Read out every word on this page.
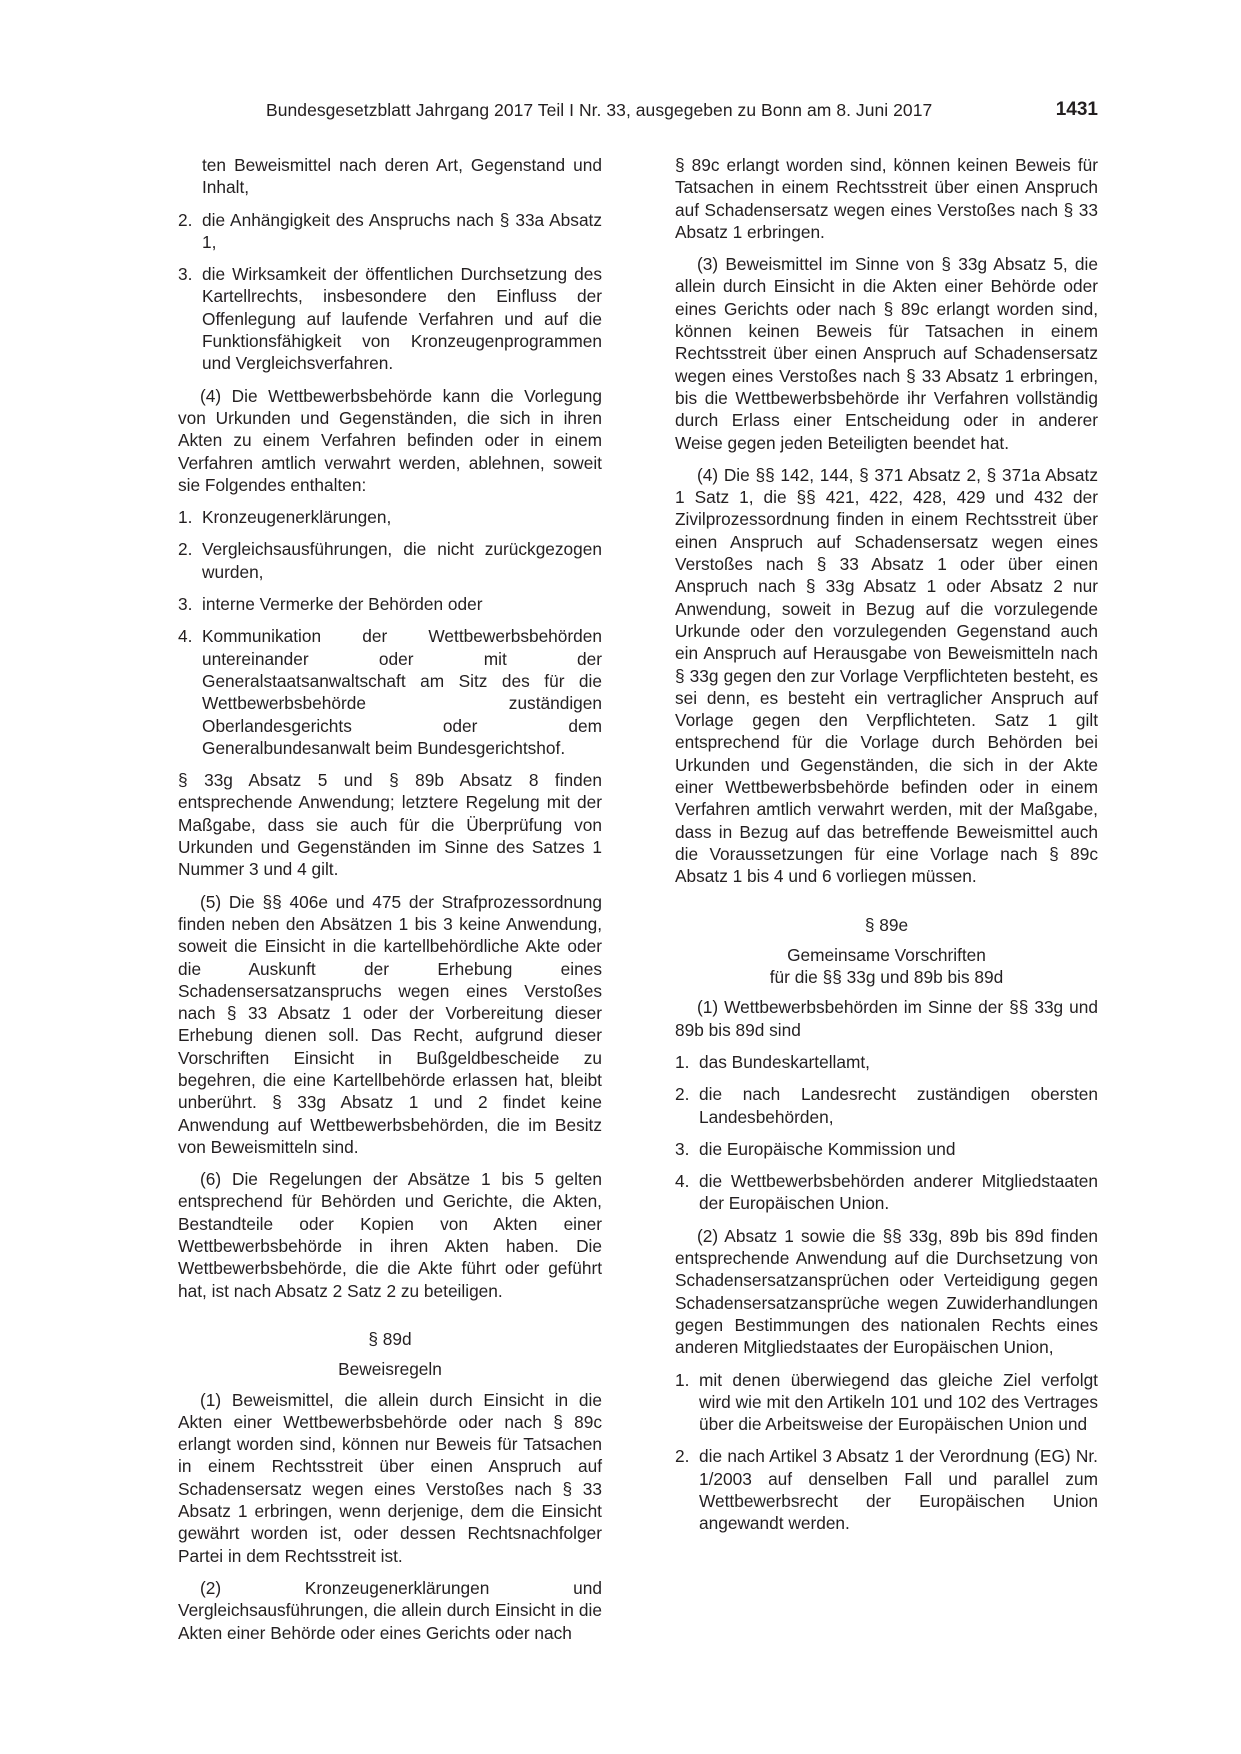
Bundesgesetzblatt Jahrgang 2017 Teil I Nr. 33, ausgegeben zu Bonn am 8. Juni 2017	1431
ten Beweismittel nach deren Art, Gegenstand und Inhalt,
2. die Anhängigkeit des Anspruchs nach § 33a Absatz 1,
3. die Wirksamkeit der öffentlichen Durchsetzung des Kartellrechts, insbesondere den Einfluss der Offenlegung auf laufende Verfahren und auf die Funktionsfähigkeit von Kronzeugenprogrammen und Vergleichsverfahren.

(4) Die Wettbewerbsbehörde kann die Vorlegung von Urkunden und Gegenständen, die sich in ihren Akten zu einem Verfahren befinden oder in einem Verfahren amtlich verwahrt werden, ablehnen, soweit sie Folgendes enthalten:

1. Kronzeugenerklärungen,
2. Vergleichsausführungen, die nicht zurückgezogen wurden,
3. interne Vermerke der Behörden oder
4. Kommunikation der Wettbewerbsbehörden untereinander oder mit der Generalstaatsanwaltschaft am Sitz des für die Wettbewerbsbehörde zuständigen Oberlandesgerichts oder dem Generalbundesanwalt beim Bundesgerichtshof.

§ 33g Absatz 5 und § 89b Absatz 8 finden entsprechende Anwendung; letztere Regelung mit der Maßgabe, dass sie auch für die Überprüfung von Urkunden und Gegenständen im Sinne des Satzes 1 Nummer 3 und 4 gilt.

(5) Die §§ 406e und 475 der Strafprozessordnung finden neben den Absätzen 1 bis 3 keine Anwendung, soweit die Einsicht in die kartellbehördliche Akte oder die Auskunft der Erhebung eines Schadensersatzanspruchs wegen eines Verstoßes nach § 33 Absatz 1 oder der Vorbereitung dieser Erhebung dienen soll. Das Recht, aufgrund dieser Vorschriften Einsicht in Bußgeldbescheide zu begehren, die eine Kartellbehörde erlassen hat, bleibt unberührt. § 33g Absatz 1 und 2 findet keine Anwendung auf Wettbewerbsbehörden, die im Besitz von Beweismitteln sind.

(6) Die Regelungen der Absätze 1 bis 5 gelten entsprechend für Behörden und Gerichte, die Akten, Bestandteile oder Kopien von Akten einer Wettbewerbsbehörde in ihren Akten haben. Die Wettbewerbsbehörde, die die Akte führt oder geführt hat, ist nach Absatz 2 Satz 2 zu beteiligen.

§ 89d
Beweisregeln

(1) Beweismittel, die allein durch Einsicht in die Akten einer Wettbewerbsbehörde oder nach § 89c erlangt worden sind, können nur Beweis für Tatsachen in einem Rechtsstreit über einen Anspruch auf Schadensersatz wegen eines Verstoßes nach § 33 Absatz 1 erbringen, wenn derjenige, dem die Einsicht gewährt worden ist, oder dessen Rechtsnachfolger Partei in dem Rechtsstreit ist.

(2) Kronzeugenerklärungen und Vergleichsausführungen, die allein durch Einsicht in die Akten einer Behörde oder eines Gerichts oder nach

§ 89c erlangt worden sind, können keinen Beweis für Tatsachen in einem Rechtsstreit über einen Anspruch auf Schadensersatz wegen eines Verstoßes nach § 33 Absatz 1 erbringen.

(3) Beweismittel im Sinne von § 33g Absatz 5, die allein durch Einsicht in die Akten einer Behörde oder eines Gerichts oder nach § 89c erlangt worden sind, können keinen Beweis für Tatsachen in einem Rechtsstreit über einen Anspruch auf Schadensersatz wegen eines Verstoßes nach § 33 Absatz 1 erbringen, bis die Wettbewerbsbehörde ihr Verfahren vollständig durch Erlass einer Entscheidung oder in anderer Weise gegen jeden Beteiligten beendet hat.

(4) Die §§ 142, 144, § 371 Absatz 2, § 371a Absatz 1 Satz 1, die §§ 421, 422, 428, 429 und 432 der Zivilprozessordnung finden in einem Rechtsstreit über einen Anspruch auf Schadensersatz wegen eines Verstoßes nach § 33 Absatz 1 oder über einen Anspruch nach § 33g Absatz 1 oder Absatz 2 nur Anwendung, soweit in Bezug auf die vorzulegende Urkunde oder den vorzulegenden Gegenstand auch ein Anspruch auf Herausgabe von Beweismitteln nach § 33g gegen den zur Vorlage Verpflichteten besteht, es sei denn, es besteht ein vertraglicher Anspruch auf Vorlage gegen den Verpflichteten. Satz 1 gilt entsprechend für die Vorlage durch Behörden bei Urkunden und Gegenständen, die sich in der Akte einer Wettbewerbsbehörde befinden oder in einem Verfahren amtlich verwahrt werden, mit der Maßgabe, dass in Bezug auf das betreffende Beweismittel auch die Voraussetzungen für eine Vorlage nach § 89c Absatz 1 bis 4 und 6 vorliegen müssen.

§ 89e
Gemeinsame Vorschriften
für die §§ 33g und 89b bis 89d

(1) Wettbewerbsbehörden im Sinne der §§ 33g und 89b bis 89d sind

1. das Bundeskartellamt,
2. die nach Landesrecht zuständigen obersten Landesbehörden,
3. die Europäische Kommission und
4. die Wettbewerbsbehörden anderer Mitgliedstaaten der Europäischen Union.

(2) Absatz 1 sowie die §§ 33g, 89b bis 89d finden entsprechende Anwendung auf die Durchsetzung von Schadensersatzansprüchen oder Verteidigung gegen Schadensersatzansprüche wegen Zuwiderhandlungen gegen Bestimmungen des nationalen Rechts eines anderen Mitgliedstaates der Europäischen Union,

1. mit denen überwiegend das gleiche Ziel verfolgt wird wie mit den Artikeln 101 und 102 des Vertrages über die Arbeitsweise der Europäischen Union und
2. die nach Artikel 3 Absatz 1 der Verordnung (EG) Nr. 1/2003 auf denselben Fall und parallel zum Wettbewerbsrecht der Europäischen Union angewandt werden.
